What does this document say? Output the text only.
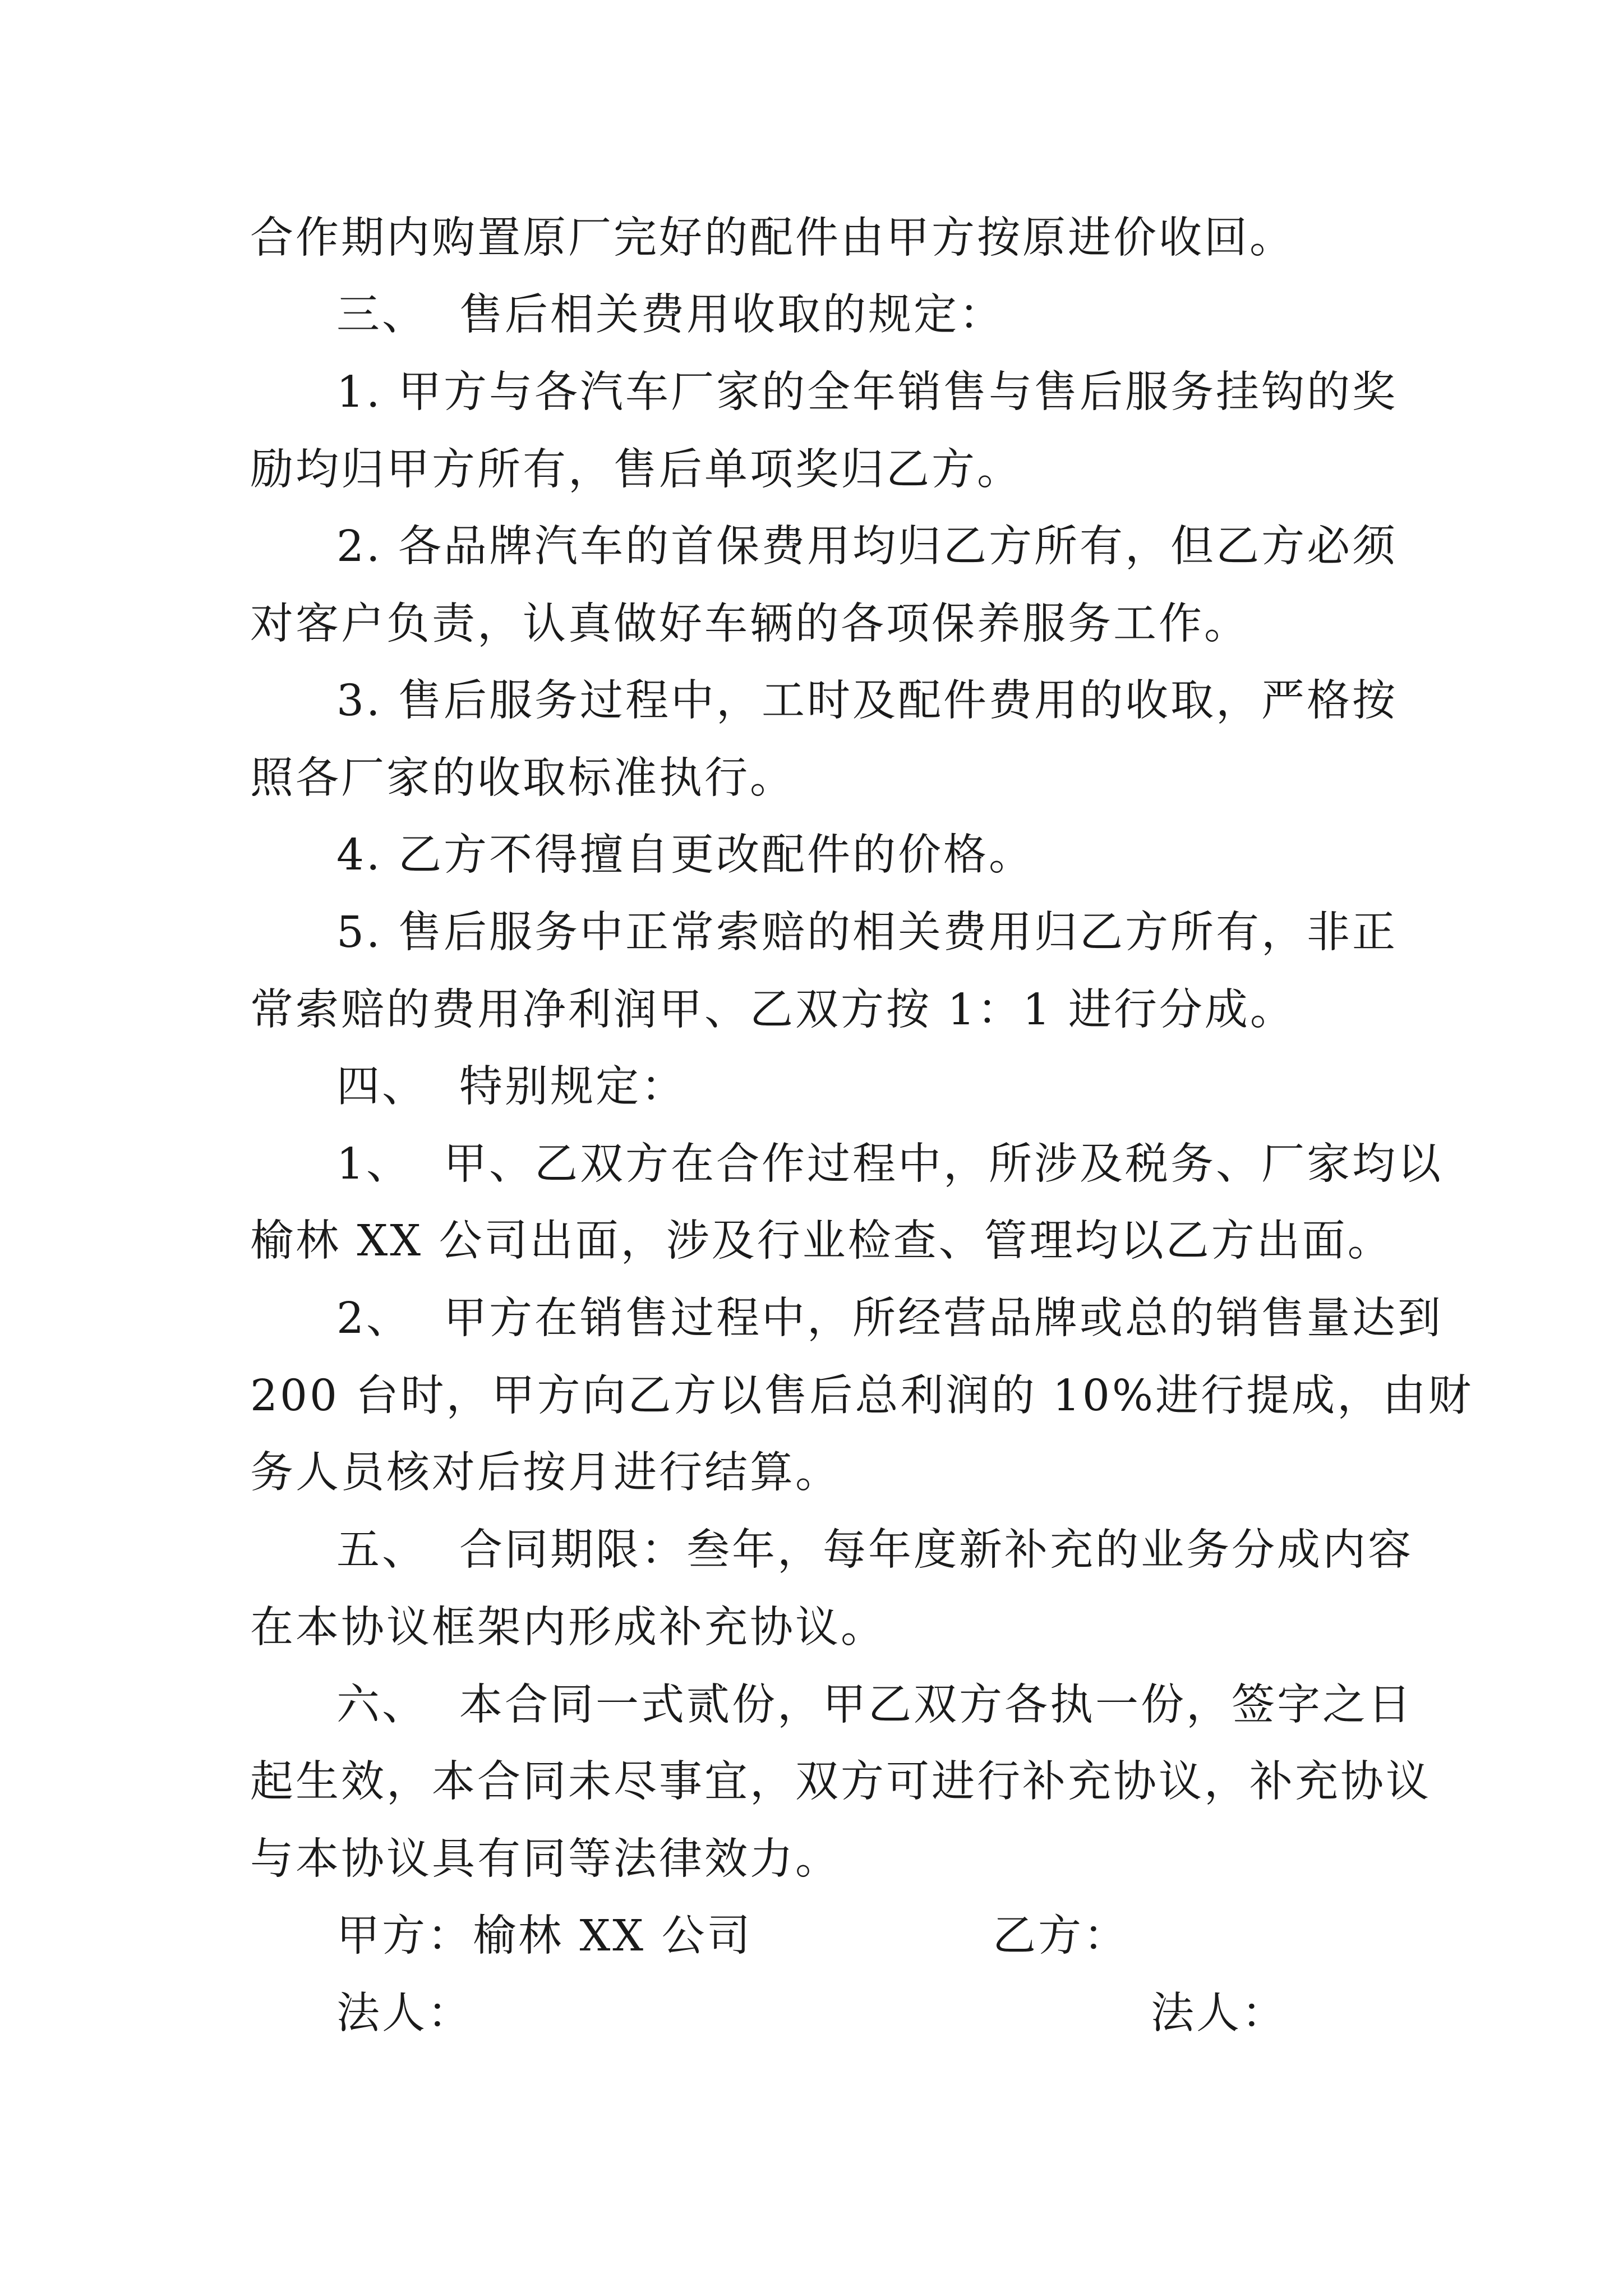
合作期内购置原厂完好的配件由甲方按原进价收回。
三、  售后相关费用收取的规定：
1. 甲方与各汽车厂家的全年销售与售后服务挂钩的奖
励均归甲方所有，售后单项奖归乙方。
2. 各品牌汽车的首保费用均归乙方所有，但乙方必须
对客户负责，认真做好车辆的各项保养服务工作。
3. 售后服务过程中，工时及配件费用的收取，严格按
照各厂家的收取标准执行。
4. 乙方不得擅自更改配件的价格。
5. 售后服务中正常索赔的相关费用归乙方所有，非正
常索赔的费用净利润甲、乙双方按 1：1 进行分成。
四、  特别规定：
1、  甲、乙双方在合作过程中，所涉及税务、厂家均以
榆林 XX 公司出面，涉及行业检查、管理均以乙方出面。
2、  甲方在销售过程中，所经营品牌或总的销售量达到
200 台时，甲方向乙方以售后总利润的 10%进行提成，由财
务人员核对后按月进行结算。
五、  合同期限：叁年，每年度新补充的业务分成内容
在本协议框架内形成补充协议。
六、  本合同一式贰份，甲乙双方各执一份，签字之日
起生效，本合同未尽事宜，双方可进行补充协议，补充协议
与本协议具有同等法律效力。
甲方：榆林 XX 公司	乙方：
法人：	法人：
